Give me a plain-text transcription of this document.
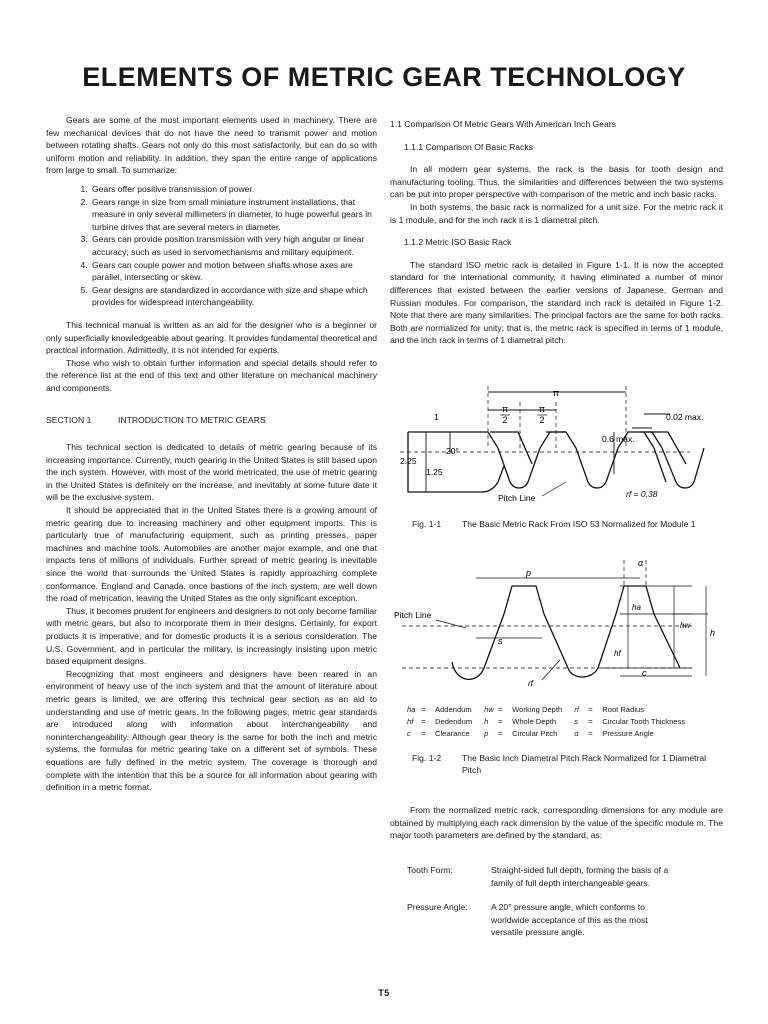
ELEMENTS OF METRIC GEAR TECHNOLOGY

Gears are some of the most important elements used in machinery. There are few mechanical devices that do not have the need to transmit power and motion between rotating shafts. Gears not only do this most satisfactorily, but can do so with uniform motion and reliability. In addition, they span the entire range of applications from large to small. To summarize:

1. Gears offer positive transmission of power.
2. Gears range in size from small miniature instrument installations, that measure in only several millimeters in diameter, to huge powerful gears in turbine drives that are several meters in diameter.
3. Gears can provide position transmission with very high angular or linear accuracy; such as used in servomechanisms and military equipment.
4. Gears can couple power and motion between shafts whose axes are parallel, intersecting or skew.
5. Gear designs are standardized in accordance with size and shape which provides for widespread interchangeability.

This technical manual is written as an aid for the designer who is a beginner or only superficially knowledgeable about gearing. It provides fundamental theoretical and practical information. Admittedly, it is not intended for experts.

Those who wish to obtain further information and special details should refer to the reference list at the end of this text and other literature on mechanical machinery and components.

SECTION 1	INTRODUCTION TO METRIC GEARS

This technical section is dedicated to details of metric gearing because of its increasing importance. Currently, much gearing in the United States is still based upon the inch system. However, with most of the world metricated, the use of metric gearing in the United States is definitely on the increase, and inevitably at some future date it will be the exclusive system.

It should be appreciated that in the United States there is a growing amount of metric gearing due to increasing machinery and other equipment imports. This is particularly true of manufacturing equipment, such as printing presses, paper machines and machine tools. Automobiles are another major example, and one that impacts tens of millions of individuals. Further spread of metric gearing is inevitable since the world that surrounds the United States is rapidly approaching complete conformance. England and Canada, once bastions of the inch system, are well down the road of metrication, leaving the United States as the only significant exception.

Thus, it becomes prudent for engineers and designers to not only become familiar with metric gears, but also to incorporate them in their designs. Certainly, for export products it is imperative; and for domestic products it is a serious consideration. The U.S. Government, and in particular the military, is increasingly insisting upon metric based equipment designs.

Recognizing that most engineers and designers have been reared in an environment of heavy use of the inch system and that the amount of literature about metric gears is limited, we are offering this technical gear section as an aid to understanding and use of metric gears. In the following pages, metric gear standards are introduced along with information about interchangeability and noninterchangeability. Although gear theory is the same for both the inch and metric systems, the formulas for metric gearing take on a different set of symbols. These equations are fully defined in the metric system. The coverage is thorough and complete with the intention that this be a source for all information about gearing with definition in a metric format.

1.1 Comparison Of Metric Gears With American Inch Gears
1.1.1 Comparison Of Basic Racks

In all modern gear systems, the rack is the basis for tooth design and manufacturing tooling. Thus, the similarities and differences between the two systems can be put into proper perspective with comparison of the metric and inch basic racks.

In both systems, the basic rack is normalized for a unit size. For the metric rack it is 1 module, and for the inch rack it is 1 diametral pitch.

1.1.2 Metric ISO Basic Rack

The standard ISO metric rack is detailed in Figure 1-1. It is now the accepted standard for the international community, it having eliminated a number of minor differences that existed between the earlier versions of Japanese, German and Russian modules. For comparison, the standard inch rack is detailed in Figure 1-2. Note that there are many similarities. The principal factors are the same for both racks. Both are normalized for unity; that is, the metric rack is specified in terms of 1 module, and the inch rack in terms of 1 diametral pitch.

π
π
2
π
2	0.02 max.
0.6 max.
1
20°
2.25
1.25
Pitch Line	rf = 0.38
Fig. 1-1 The Basic Metric Rack From ISO 53 Normalized for Module 1
p
α
ha
hw
h
Pitch Line
s
hf
c
rf
ha	=	Addendum	hw	=	Working Depth	rf	=	Root Radius
hf	=	Dedendum	h	=	Whole Depth	s	=	Circular Tooth Thickness
c	=	Clearance	p	=	Circular Pitch	α	=	Pressure Angle
Fig. 1-2 The Basic Inch Diametral Pitch Rack Normalized for 1 Diametral Pitch

From the normalized metric rack, corresponding dimensions for any module are obtained by multiplying each rack dimension by the value of the specific module m. The major tooth parameters are defined by the standard, as:

Tooth Form:	Straight-sided full depth, forming the basis of a family of full depth interchangeable gears.
Pressure Angle:	A 20° pressure angle, which conforms to worldwide acceptance of this as the most versatile pressure angle.
T5
